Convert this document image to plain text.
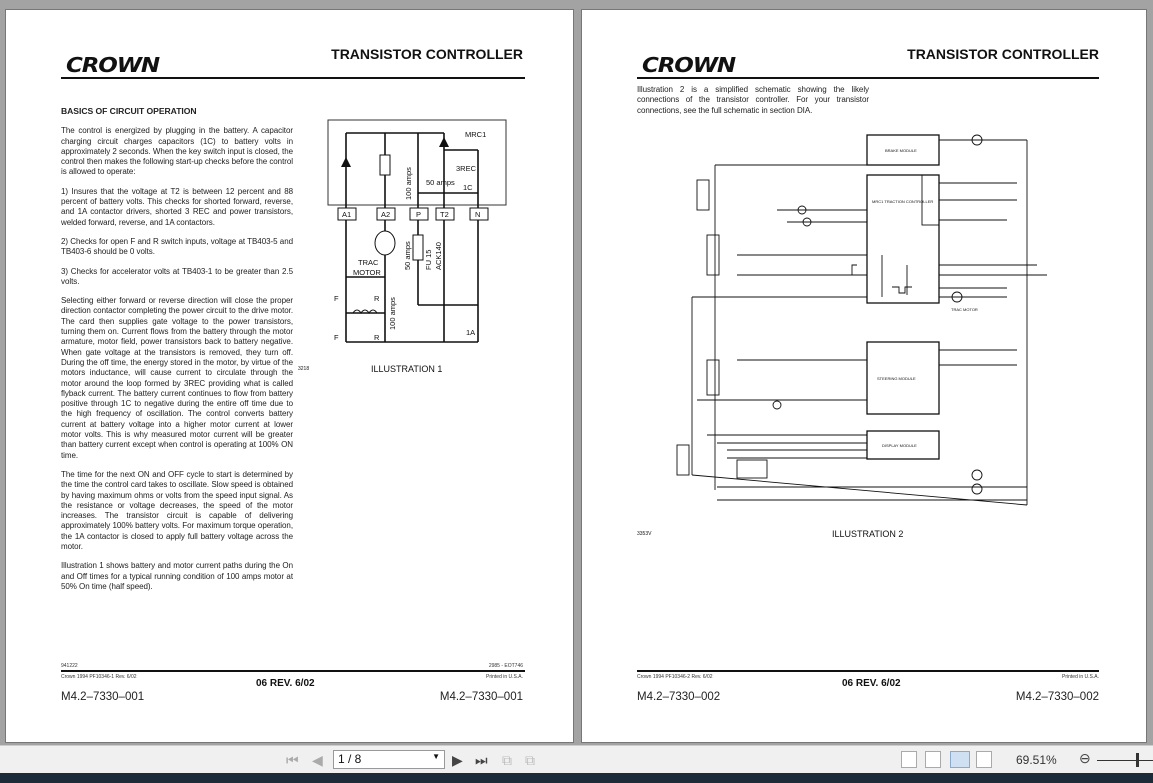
CROWN	TRANSISTOR CONTROLLER
BASICS OF CIRCUIT OPERATION

The control is energized by plugging in the battery. A capacitor charging circuit charges capacitors (1C) to battery volts in approximately 2 seconds. When the key switch input is closed, the control then makes the following start-up checks before the control is allowed to operate:

1) Insures that the voltage at T2 is between 12 percent and 88 percent of battery volts. This checks for shorted forward, reverse, and 1A contactor drivers, shorted 3 REC and power transistors, welded forward, reverse, and 1A contactors.

2) Checks for open F and R switch inputs, voltage at TB403-5 and TB403-6 should be 0 volts.

3) Checks for accelerator volts at TB403-1 to be greater than 2.5 volts.

Selecting either forward or reverse direction will close the proper direction contactor completing the power circuit to the drive motor. The card then supplies gate voltage to the power transistors, turning them on. Current flows from the battery through the motor armature, motor field, power transistors back to battery negative. When gate voltage at the transistors is removed, they turn off. During the off time, the energy stored in the motor, by virtue of the motors inductance, will cause current to circulate through the motor around the loop formed by 3REC providing what is called flyback current. The battery current continues to flow from battery positive through 1C to negative during the entire off time due to the high frequency of oscillation. The control converts battery current at battery voltage into a higher motor current at lower motor volts. This is why measured motor current will be greater than battery current except when control is operating at 100% ON time.

The time for the next ON and OFF cycle to start is determined by the time the control card takes to oscillate. Slow speed is obtained by having maximum ohms or volts from the speed input signal. As the resistance or voltage decreases, the speed of the motor increases. The transistor circuit is capable of delivering approximately 100% battery volts. For maximum torque operation, the 1A contactor is closed to apply full battery voltage across the motor.

Illustration 1 shows battery and motor current paths during the On and Off times for a typical running condition of 100 amps motor at 50% On time (half speed).

A1	A2	P	T2	N
MRC1
3REC
1C
50 amps
100 amps
50 amps FU 15 ACK140
100 amps
TRAC
MOTOR
F	R
F	R
1A
3218	ILLUSTRATION 1
941222	2985 - EOT746
Crown 1994 PF10346-1 Rev. 6/02	Printed in U.S.A.
06 REV. 6/02
M4.2–7330–001	M4.2–7330–001
CROWN	TRANSISTOR CONTROLLER
Illustration 2 is a simplified schematic showing the likely connections of the transistor controller. For your transistor connections, see the full schematic in section DIA.
BRAKE MODULE
MRC1 TRACTION CONTROLLER
STEERING MODULE
DISPLAY MODULE
TRAC MOTOR
3353V	ILLUSTRATION 2
Crown 1994 PF10346-2 Rev. 6/02	Printed in U.S.A.
06 REV. 6/02
M4.2–7330–002	M4.2–7330–002
⏮ ◀	1 / 8	▼ ▶ ⏭ ⧉ ⧉	69.51% ⊖
